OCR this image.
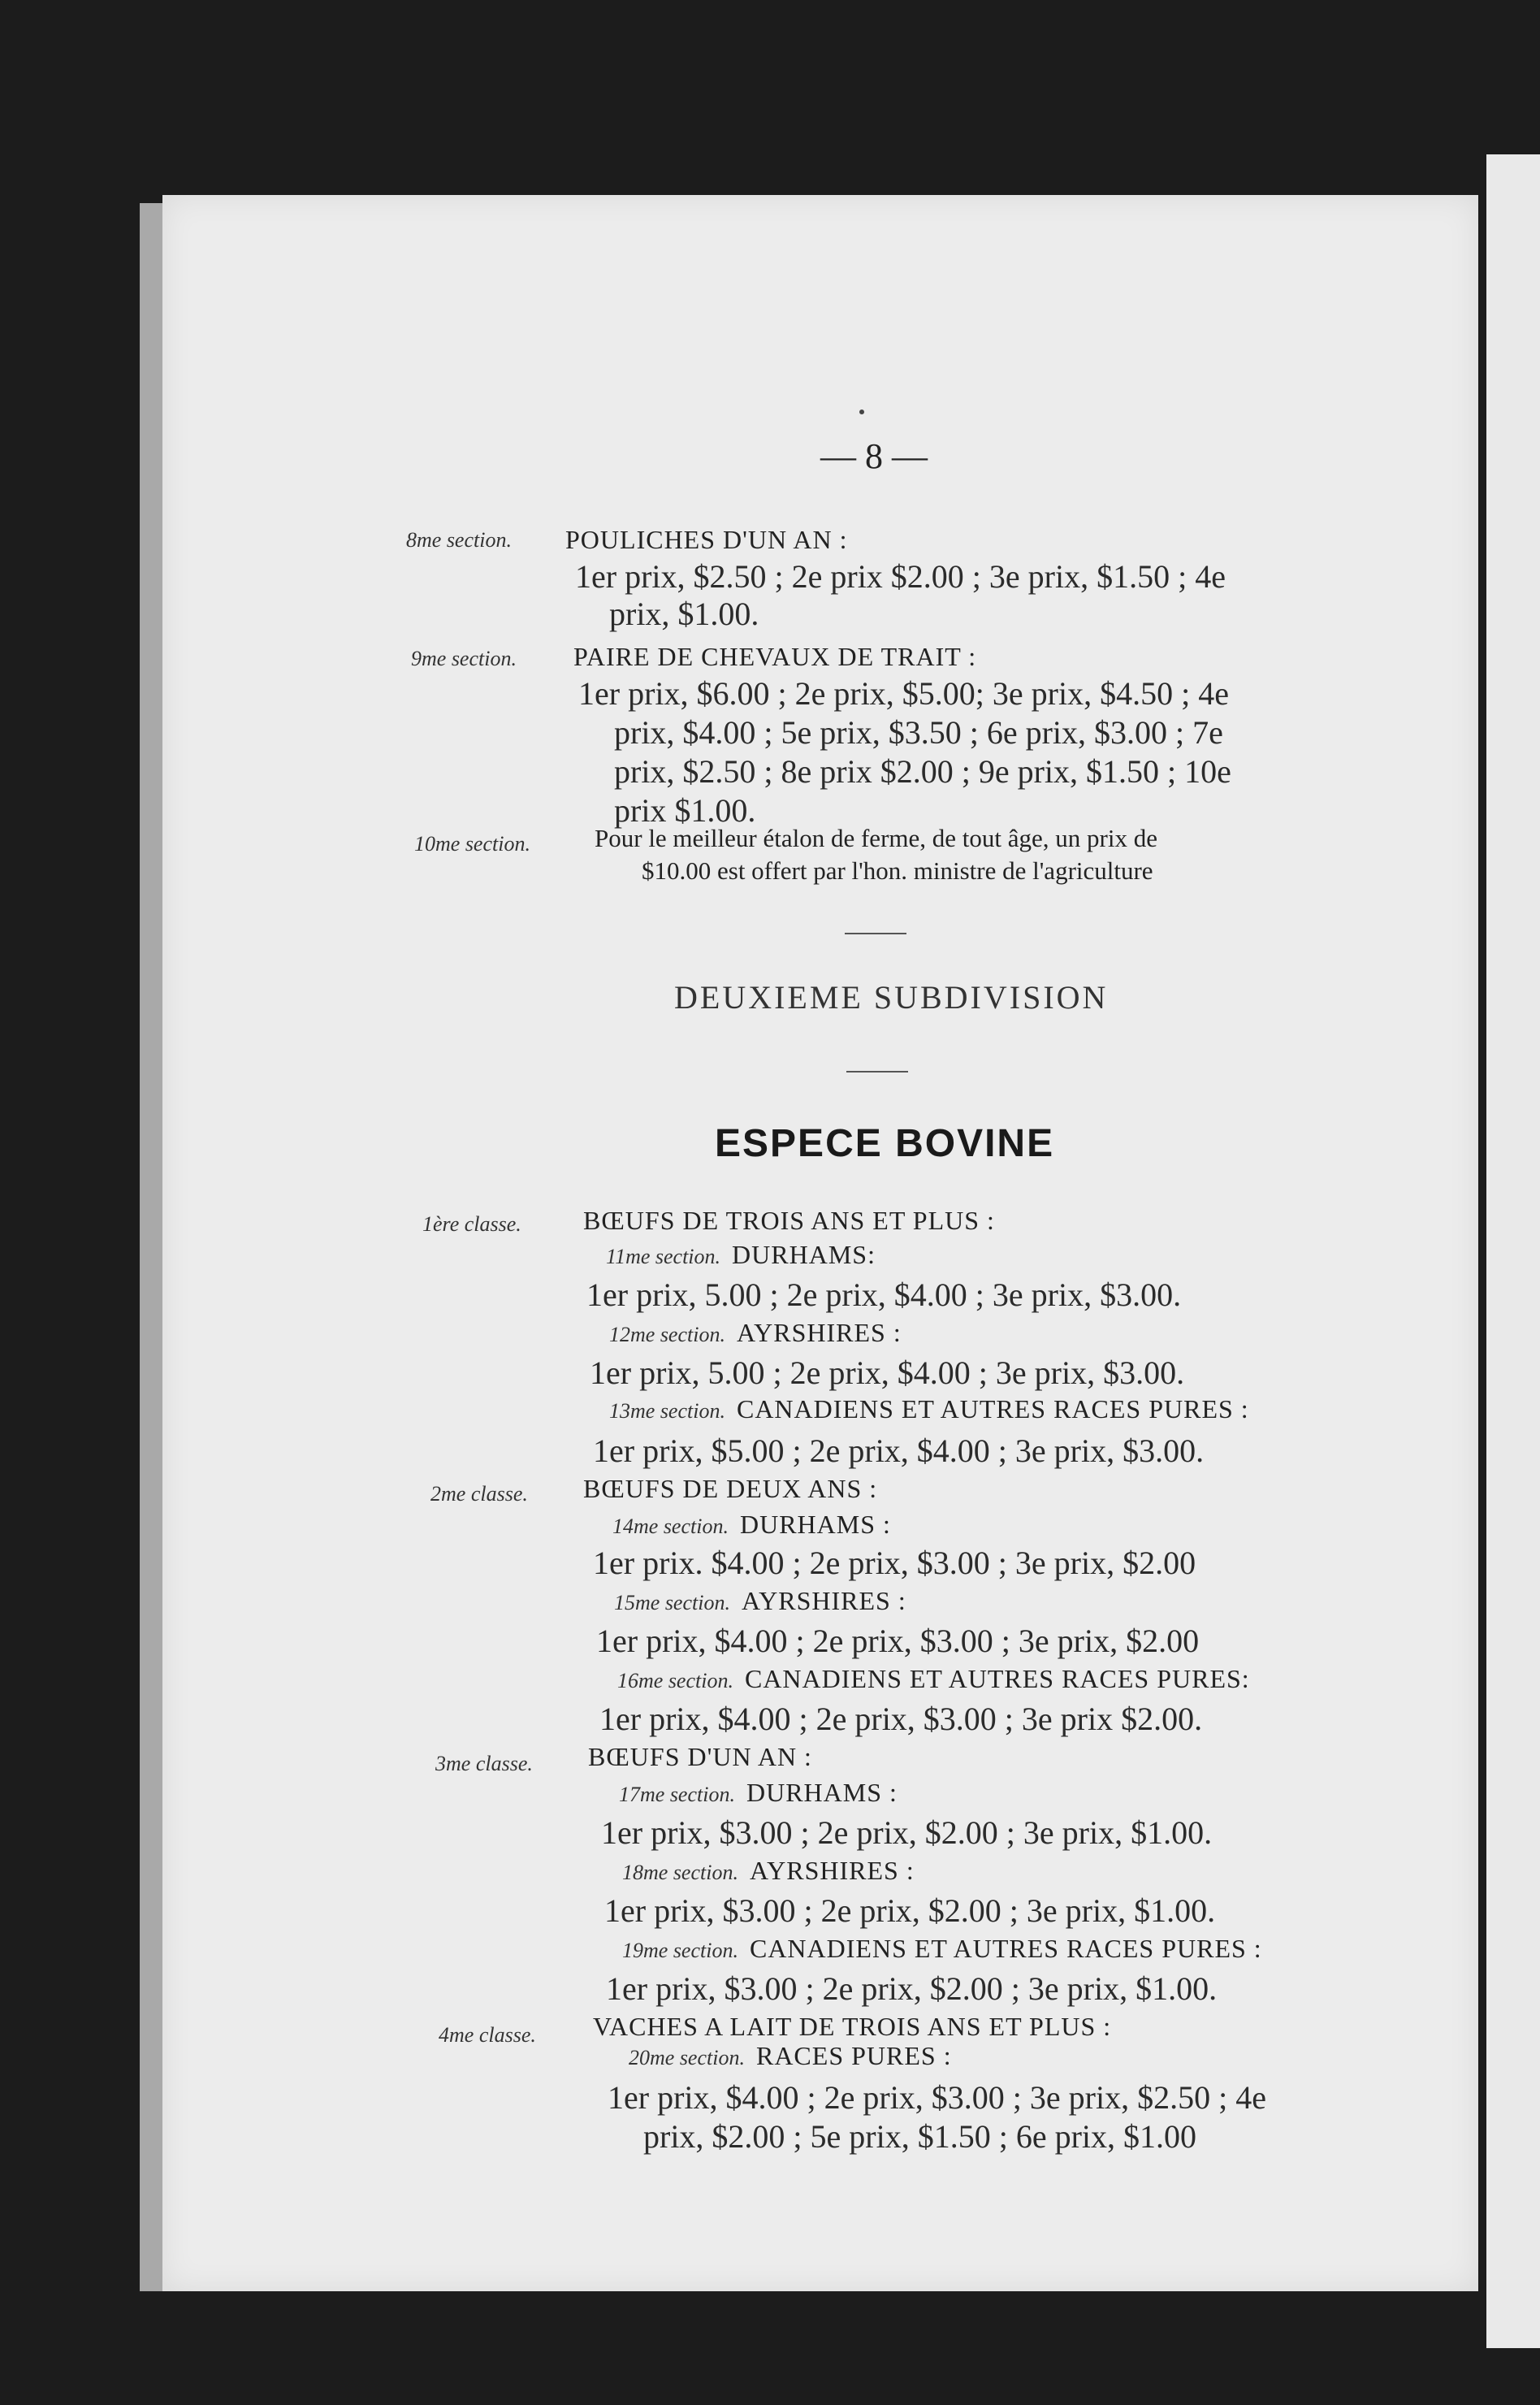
— 8 —
8me section. POULICHES D'UN AN :
1er prix, $2.50 ; 2e prix $2.00 ; 3e prix, $1.50 ; 4e
prix, $1.00.
9me section. PAIRE DE CHEVAUX DE TRAIT :
1er prix, $6.00 ; 2e prix, $5.00; 3e prix, $4.50 ; 4e
prix, $4.00 ; 5e prix, $3.50 ; 6e prix, $3.00 ; 7e
prix, $2.50 ; 8e prix $2.00 ; 9e prix, $1.50 ; 10e
prix $1.00.
10me section.	Pour le meilleur étalon de ferme, de tout âge, un prix de
$10.00 est offert par l'hon. ministre de l'agriculture
DEUXIEME SUBDIVISION
ESPECE BOVINE
1ère classe. BŒUFS DE TROIS ANS ET PLUS :
11me section. DURHAMS:
1er prix, 5.00 ; 2e prix, $4.00 ; 3e prix, $3.00.
12me section. AYRSHIRES :
1er prix, 5.00 ; 2e prix, $4.00 ; 3e prix, $3.00.
13me section. CANADIENS ET AUTRES RACES PURES :
1er prix, $5.00 ; 2e prix, $4.00 ; 3e prix, $3.00.
2me classe. BŒUFS DE DEUX ANS :
14me section. DURHAMS :
1er prix. $4.00 ; 2e prix, $3.00 ; 3e prix, $2.00
15me section. AYRSHIRES :
1er prix, $4.00 ; 2e prix, $3.00 ; 3e prix, $2.00
16me section. CANADIENS ET AUTRES RACES PURES:
1er prix, $4.00 ; 2e prix, $3.00 ; 3e prix $2.00.
3me classe. BŒUFS D'UN AN :
17me section. DURHAMS :
1er prix, $3.00 ; 2e prix, $2.00 ; 3e prix, $1.00.
18me section. AYRSHIRES :
1er prix, $3.00 ; 2e prix, $2.00 ; 3e prix, $1.00.
19me section. CANADIENS ET AUTRES RACES PURES :
1er prix, $3.00 ; 2e prix, $2.00 ; 3e prix, $1.00.
4me classe. VACHES A LAIT DE TROIS ANS ET PLUS :
20me section. RACES PURES :
1er prix, $4.00 ; 2e prix, $3.00 ; 3e prix, $2.50 ; 4e
prix, $2.00 ; 5e prix, $1.50 ; 6e prix, $1.00
